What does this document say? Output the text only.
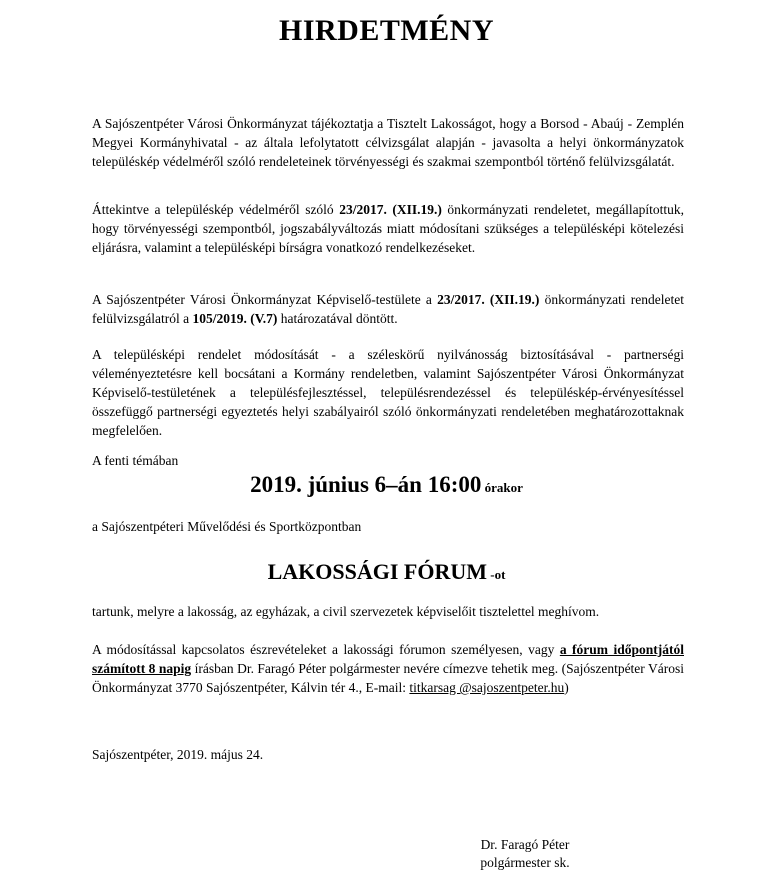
HIRDETMÉNY

A Sajószentpéter Városi Önkormányzat tájékoztatja a Tisztelt Lakosságot, hogy a Borsod - Abaúj - Zemplén Megyei Kormányhivatal - az általa lefolytatott célvizsgálat alapján - javasolta a helyi önkormányzatok településkép védelméről szóló rendeleteinek törvényességi és szakmai szempontból történő felülvizsgálatát.

Áttekintve a településkép védelméről szóló 23/2017. (XII.19.) önkormányzati rendeletet, megállapítottuk, hogy törvényességi szempontból, jogszabályváltozás miatt módosítani szükséges a településképi kötelezési eljárásra, valamint a településképi bírságra vonatkozó rendelkezéseket.

A Sajószentpéter Városi Önkormányzat Képviselő-testülete a 23/2017. (XII.19.) önkormányzati rendeletet felülvizsgálatról a 105/2019. (V.7) határozatával döntött.

A településképi rendelet módosítását - a széleskörű nyilvánosság biztosításával - partnerségi véleményeztetésre kell bocsátani a Kormány rendeletben, valamint Sajószentpéter Városi Önkormányzat Képviselő-testületének a településfejlesztéssel, településrendezéssel és településkép-érvényesítéssel összefüggő partnerségi egyeztetés helyi szabályairól szóló önkormányzati rendeletében meghatározottaknak megfelelően.

A fenti témában

2019. június 6–án 16:00 órakor

a Sajószentpéteri Művelődési és Sportközpontban

LAKOSSÁGI FÓRUM -ot

tartunk, melyre a lakosság, az egyházak, a civil szervezetek képviselőit tisztelettel meghívom.

A módosítással kapcsolatos észrevételeket a lakossági fórumon személyesen, vagy a fórum időpontjától számított 8 napig írásban Dr. Faragó Péter polgármester nevére címezve tehetik meg. (Sajószentpéter Városi Önkormányzat 3770 Sajószentpéter, Kálvin tér 4., E-mail: titkarsag @sajoszentpeter.hu)

Sajószentpéter, 2019. május 24.

Dr. Faragó Péter
polgármester sk.
